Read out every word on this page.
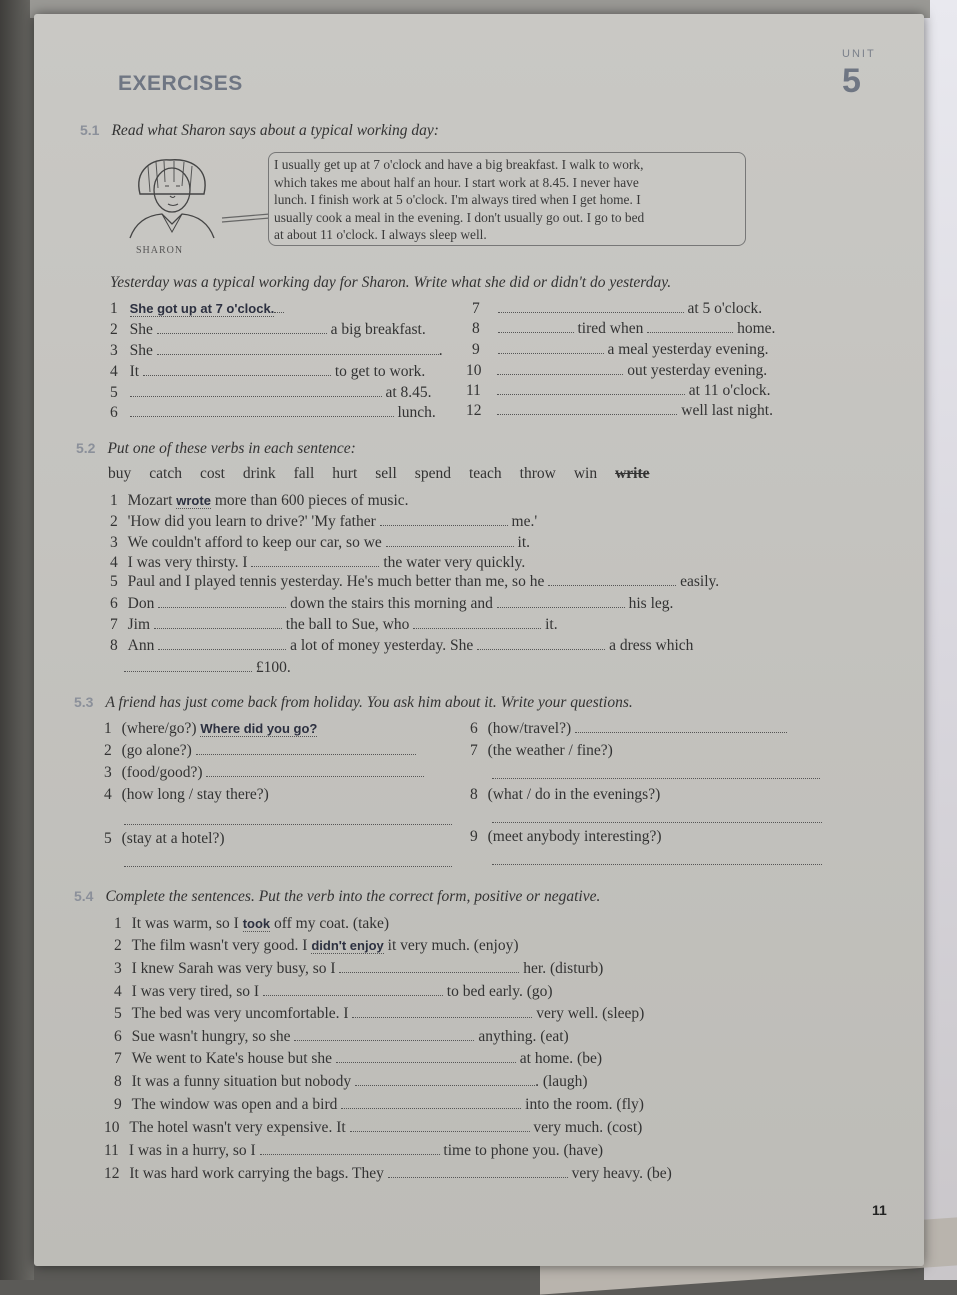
EXERCISES
UNIT
5
5.1 Read what Sharon says about a typical working day:
SHARON
I usually get up at 7 o'clock and have a big breakfast. I walk to work,
which takes me about half an hour. I start work at 8.45. I never have
lunch. I finish work at 5 o'clock. I'm always tired when I get home. I
usually cook a meal in the evening. I don't usually go out. I go to bed
at about 11 o'clock. I always sleep well.
Yesterday was a typical working day for Sharon. Write what she did or didn't do yesterday.
1 She got up at 7 o'clock.
2 She	a big breakfast.
3 She	.
4 It	to get to work.
5	at 8.45.
6	lunch.
7	at 5 o'clock.
8	tired when	home.
9	a meal yesterday evening.
10	out yesterday evening.
11	at 11 o'clock.
12	well last night.
5.2 Put one of these verbs in each sentence:
buy catch cost drink fall hurt sell spend teach throw win write
1 Mozart wrote more than 600 pieces of music.
2 'How did you learn to drive?' 'My father	me.'
3 We couldn't afford to keep our car, so we	it.
4 I was very thirsty. I	the water very quickly.
5 Paul and I played tennis yesterday. He's much better than me, so he	easily.
6 Don	down the stairs this morning and	his leg.
7 Jim	the ball to Sue, who	it.
8 Ann	a lot of money yesterday. She	a dress which
£100.
5.3 A friend has just come back from holiday. You ask him about it. Write your questions.
1 (where/go?) Where did you go?
2 (go alone?)
3 (food/good?)
4 (how long / stay there?)
5 (stay at a hotel?)
6 (how/travel?)
7 (the weather / fine?)
8 (what / do in the evenings?)
9 (meet anybody interesting?)
5.4 Complete the sentences. Put the verb into the correct form, positive or negative.
1 It was warm, so I took off my coat. (take)
2 The film wasn't very good. I didn't enjoy it very much. (enjoy)
3 I knew Sarah was very busy, so I	her. (disturb)
4 I was very tired, so I	to bed early. (go)
5 The bed was very uncomfortable. I	very well. (sleep)
6 Sue wasn't hungry, so she	anything. (eat)
7 We went to Kate's house but she	at home. (be)
8 It was a funny situation but nobody	. (laugh)
9 The window was open and a bird	into the room. (fly)
10 The hotel wasn't very expensive. It	very much. (cost)
11 I was in a hurry, so I	time to phone you. (have)
12 It was hard work carrying the bags. They	very heavy. (be)
11
